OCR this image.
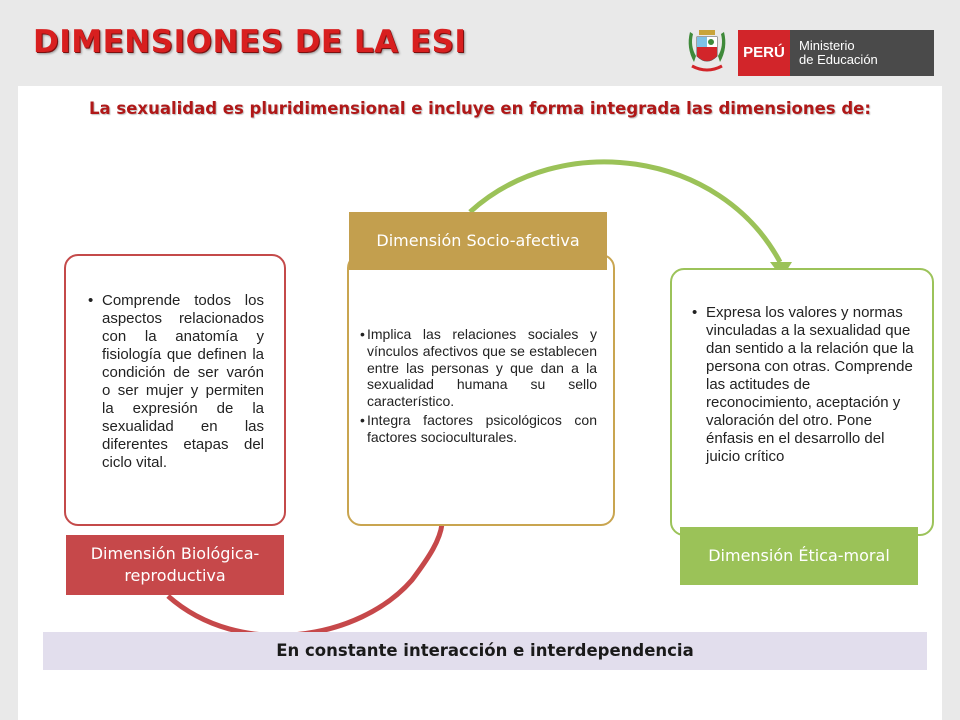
DIMENSIONES DE LA ESI	PERÚ	Ministerio
de Educación
La sexualidad es pluridimensional e incluye en forma integrada las dimensiones de:
• Comprende todos los aspectos relacionados con la anatomía y fisiología que definen la condición de ser varón o ser mujer y permiten la expresión de la sexualidad en las diferentes etapas del ciclo vital.
• Implica las relaciones sociales y vínculos afectivos que se establecen entre las personas y que dan a la sexualidad humana su sello característico.
• Integra factores psicológicos con factores socioculturales.
• Expresa los valores y normas vinculadas a la sexualidad que dan sentido a la relación que la persona con otras. Comprende las actitudes de reconocimiento, aceptación y valoración del otro. Pone énfasis en el desarrollo del juicio crítico
Dimensión Biológica-reproductiva
Dimensión Socio-afectiva
Dimensión Ética-moral
En constante interacción e interdependencia
